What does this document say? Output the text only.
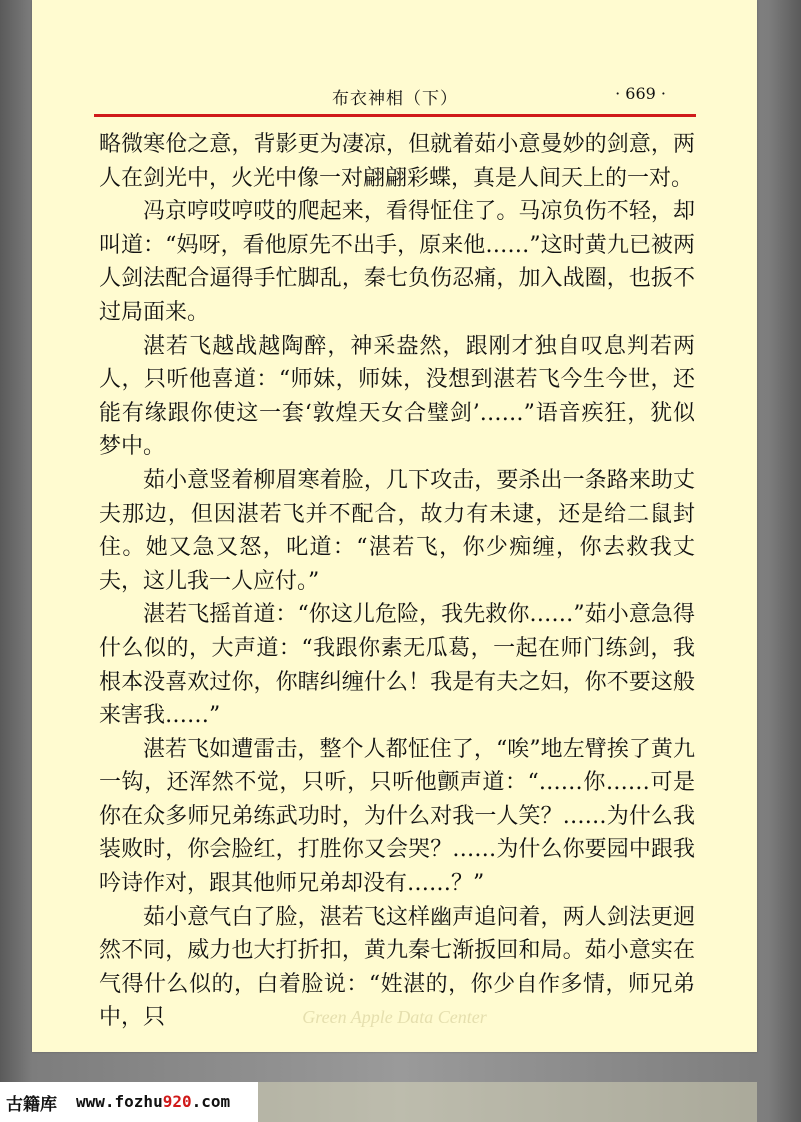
布衣神相（下）	· 669 ·

略微寒伧之意，背影更为凄凉，但就着茹小意曼妙的剑意，两人在剑光中，火光中像一对翩翩彩蝶，真是人间天上的一对。

冯京哼哎哼哎的爬起来，看得怔住了。马凉负伤不轻，却叫道：“妈呀，看他原先不出手，原来他……”这时黄九已被两人剑法配合逼得手忙脚乱，秦七负伤忍痛，加入战圈，也扳不过局面来。

湛若飞越战越陶醉，神采盎然，跟刚才独自叹息判若两人，只听他喜道：“师妹，师妹，没想到湛若飞今生今世，还能有缘跟你使这一套‘敦煌天女合璧剑’……”语音疾狂，犹似梦中。

茹小意竖着柳眉寒着脸，几下攻击，要杀出一条路来助丈夫那边，但因湛若飞并不配合，故力有未逮，还是给二鼠封住。她又急又怒，叱道：“湛若飞，你少痴缠，你去救我丈夫，这儿我一人应付。”

湛若飞摇首道：“你这儿危险，我先救你……”茹小意急得什么似的，大声道：“我跟你素无瓜葛，一起在师门练剑，我根本没喜欢过你，你瞎纠缠什么！我是有夫之妇，你不要这般来害我……”

湛若飞如遭雷击，整个人都怔住了，“唉”地左臂挨了黄九一钩，还浑然不觉，只听，只听他颤声道：“……你……可是你在众多师兄弟练武功时，为什么对我一人笑？……为什么我装败时，你会脸红，打胜你又会哭？……为什么你要园中跟我吟诗作对，跟其他师兄弟却没有……？”

茹小意气白了脸，湛若飞这样幽声追问着，两人剑法更迥然不同，威力也大打折扣，黄九秦七渐扳回和局。茹小意实在气得什么似的，白着脸说：“姓湛的，你少自作多情，师兄弟中，只	Green Apple Data Center
古籍库 www.fozhu920.com
